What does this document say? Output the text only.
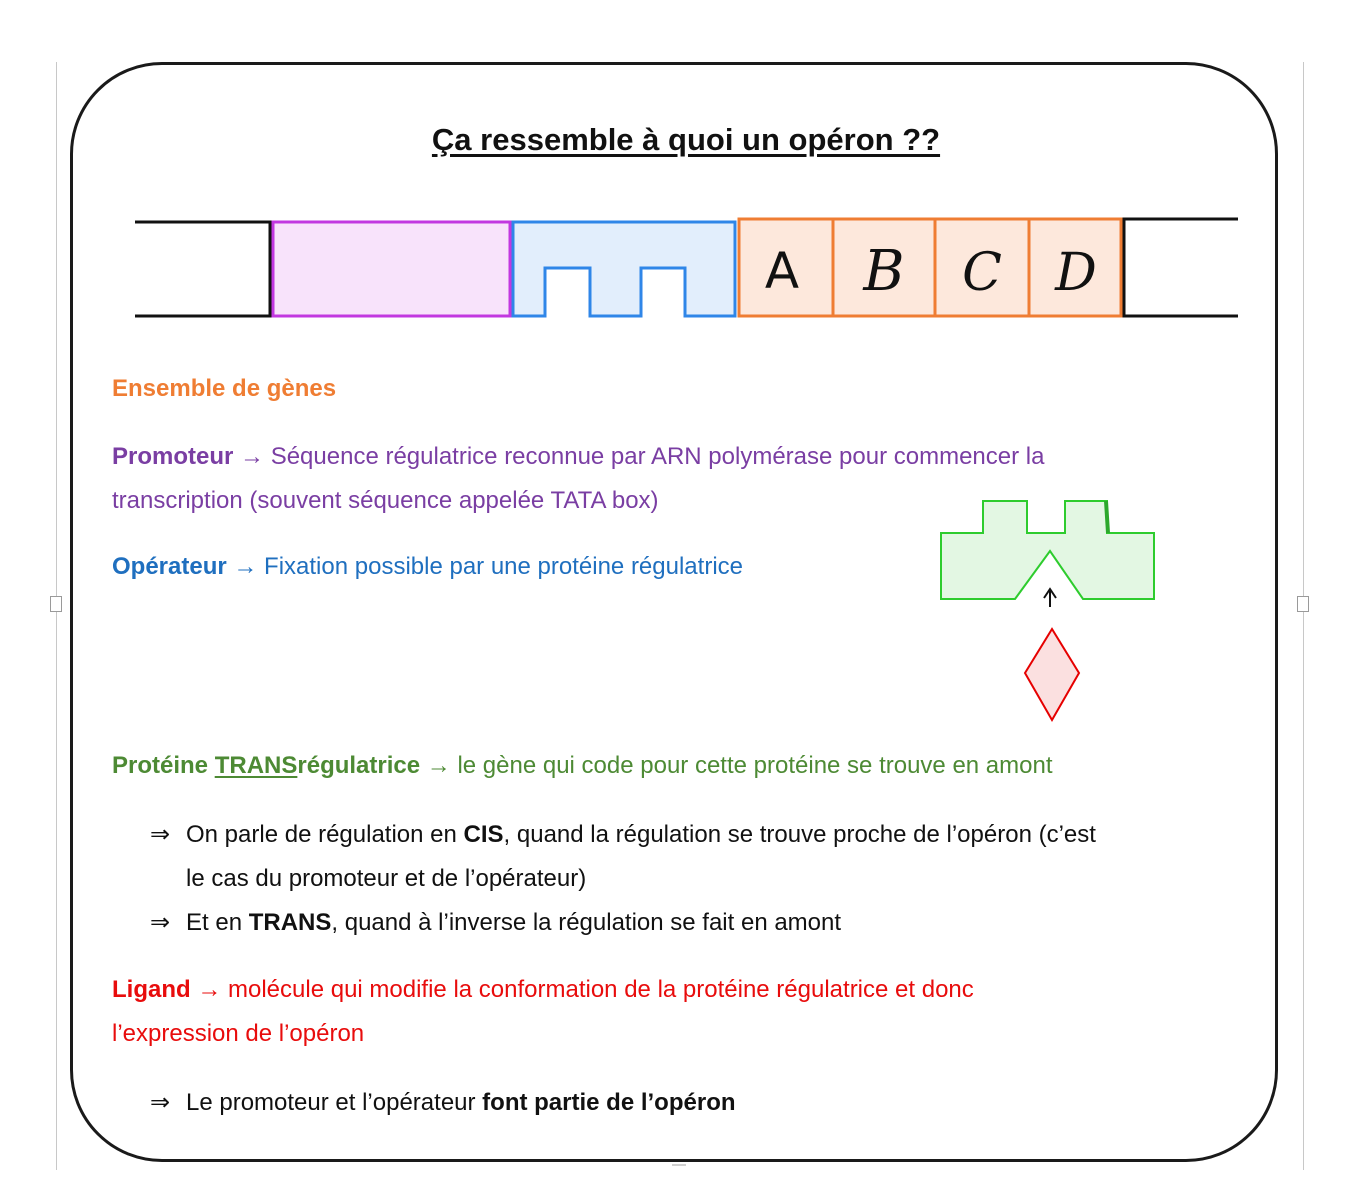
Ça ressemble à quoi un opéron ??
A B C D
Ensemble de gènes
Promoteur → Séquence régulatrice reconnue par ARN polymérase pour commencer la
transcription (souvent séquence appelée TATA box)
Opérateur → Fixation possible par une protéine régulatrice
Protéine TRANSrégulatrice → le gène qui code pour cette protéine se trouve en amont
⇒ On parle de régulation en CIS, quand la régulation se trouve proche de l’opéron (c’est
le cas du promoteur et de l’opérateur)
⇒ Et en TRANS, quand à l’inverse la régulation se fait en amont
Ligand → molécule qui modifie la conformation de la protéine régulatrice et donc
l’expression de l’opéron
⇒ Le promoteur et l’opérateur font partie de l’opéron
